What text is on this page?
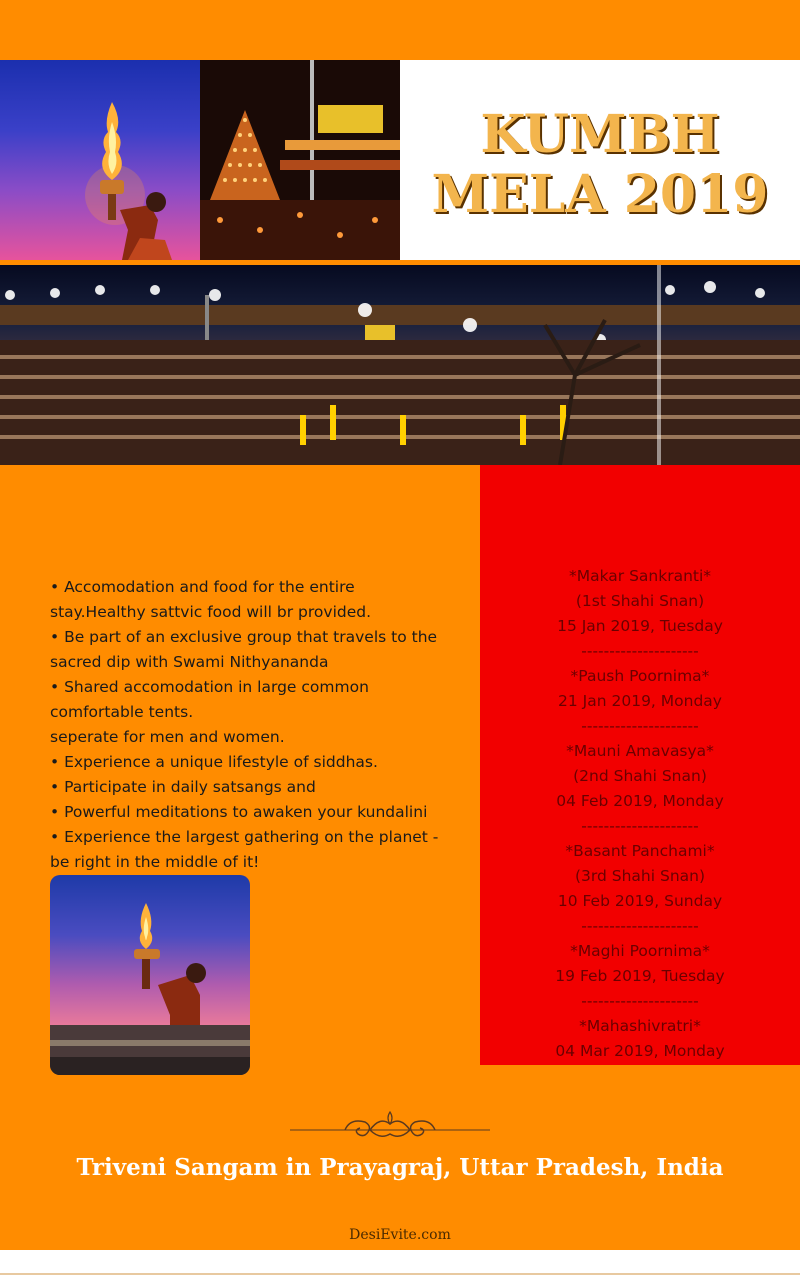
KUMBH
MELA 2019
• Accomodation and food for the entire
stay.Healthy sattvic food will br provided.
• Be part of an exclusive group that travels to the
sacred dip with Swami Nithyananda
• Shared accomodation in large common
comfortable tents.
seperate for men and women.
• Experience a unique lifestyle of siddhas.
• Participate in daily satsangs and
• Powerful meditations to awaken your kundalini
• Experience the largest gathering on the planet -
be right in the middle of it!
*Makar Sankranti*
(1st Shahi Snan)
15 Jan 2019, Tuesday
---------------------
*Paush Poornima*
21 Jan 2019, Monday
---------------------
*Mauni Amavasya*
(2nd Shahi Snan)
04 Feb 2019, Monday
---------------------
*Basant Panchami*
(3rd Shahi Snan)
10 Feb 2019, Sunday
---------------------
*Maghi Poornima*
19 Feb 2019, Tuesday
---------------------
*Mahashivratri*
04 Mar 2019, Monday
Triveni Sangam in Prayagraj, Uttar Pradesh, India
DesiEvite.com
